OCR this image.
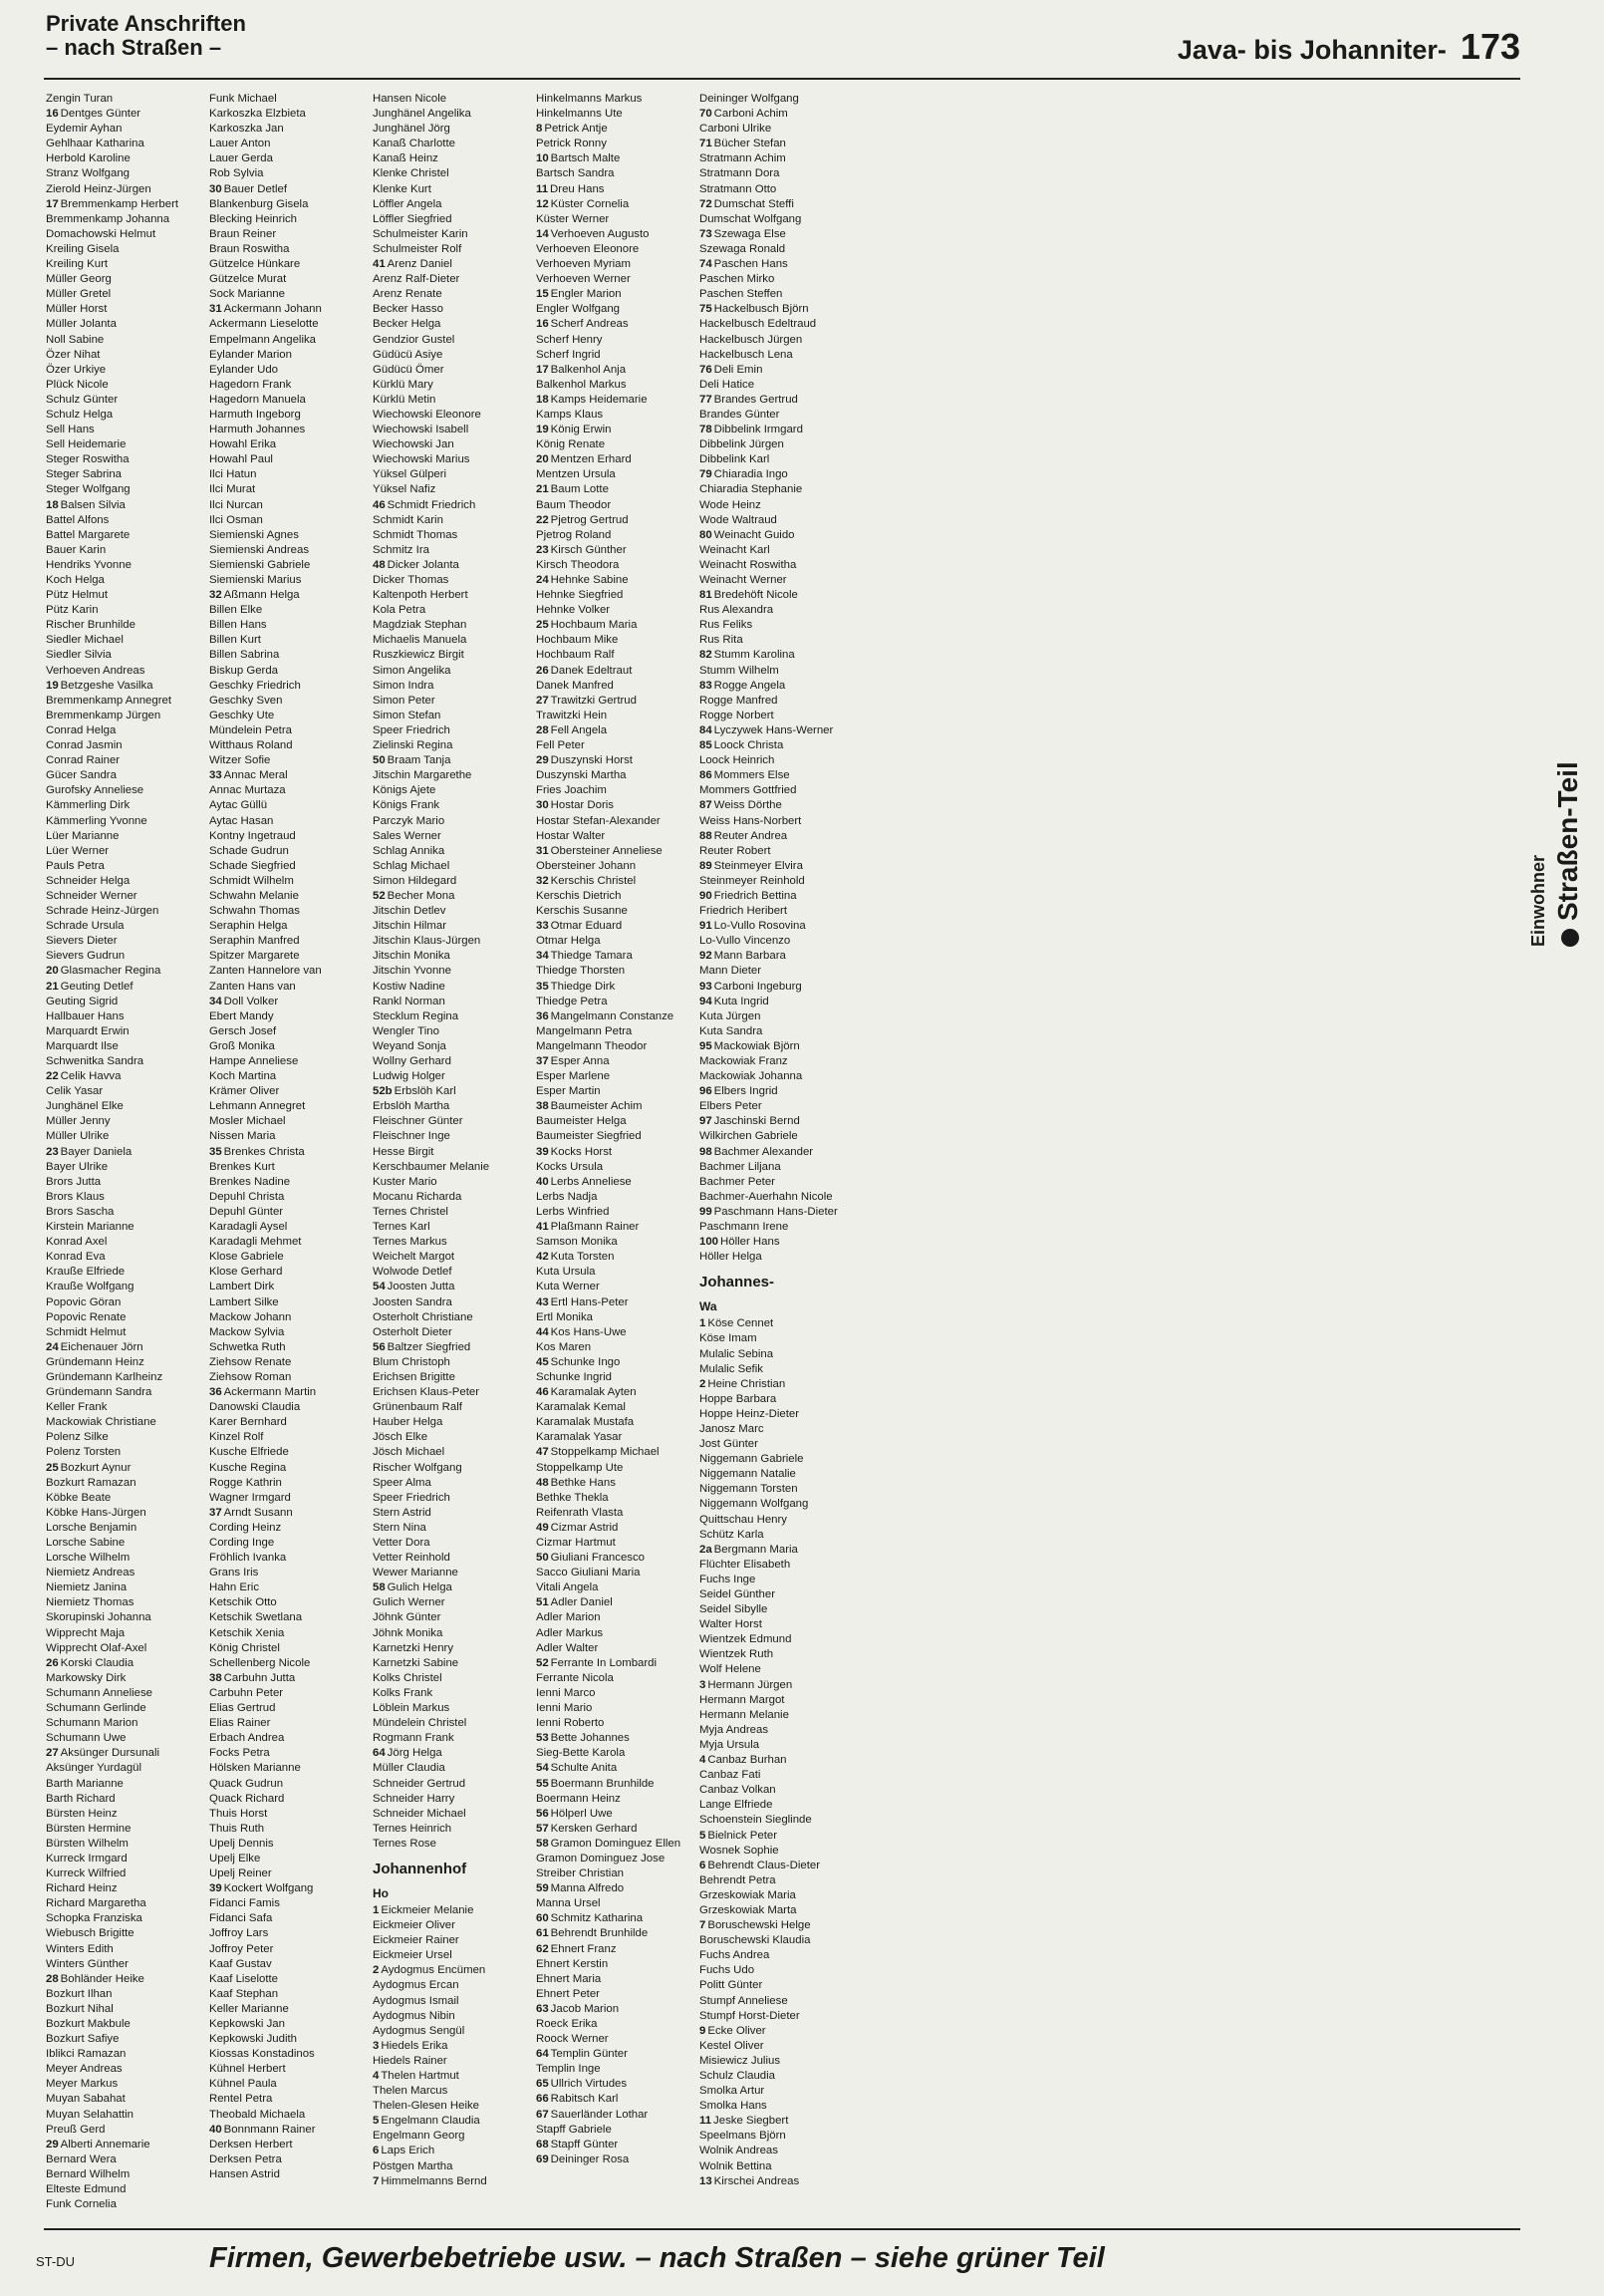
Private Anschriften
– nach Straßen –	Java- bis Johanniter- 173
Zengin Turan
16 Dentges Günter
Eydemir Ayhan
Gehlhaar Katharina
Herbold Karoline
Stranz Wolfgang
Zierold Heinz-Jürgen
17 Bremmenkamp Herbert
Bremmenkamp Johanna
Domachowski Helmut
Kreiling Gisela
Kreiling Kurt
Müller Georg
Müller Gretel
Müller Horst
Müller Jolanta
Noll Sabine
Özer Nihat
Özer Urkiye
Plück Nicole
Schulz Günter
Schulz Helga
Sell Hans
Sell Heidemarie
Steger Roswitha
Steger Sabrina
Steger Wolfgang
18 Balsen Silvia
Battel Alfons
Battel Margarete
Bauer Karin
Hendriks Yvonne
Koch Helga
Pütz Helmut
Pütz Karin
Rischer Brunhilde
Siedler Michael
Siedler Silvia
Verhoeven Andreas
19 Betzgeshe Vasilka
Bremmenkamp Annegret
Bremmenkamp Jürgen
Conrad Helga
Conrad Jasmin
Conrad Rainer
Gücer Sandra
Gurofsky Anneliese
Kämmerling Dirk
Kämmerling Yvonne
Lüer Marianne
Lüer Werner
Pauls Petra
Schneider Helga
Schneider Werner
Schrade Heinz-Jürgen
Schrade Ursula
Sievers Dieter
Sievers Gudrun
20 Glasmacher Regina
21 Geuting Detlef
Geuting Sigrid
Hallbauer Hans
Marquardt Erwin
Marquardt Ilse
Schwenitka Sandra
22 Celik Havva
Celik Yasar
Junghänel Elke
Müller Jenny
Müller Ulrike
23 Bayer Daniela
Bayer Ulrike
Brors Jutta
Brors Klaus
Brors Sascha
Kirstein Marianne
Konrad Axel
Konrad Eva
Krauße Elfriede
Krauße Wolfgang
Popovic Göran
Popovic Renate
Schmidt Helmut
24 Eichenauer Jörn
Gründemann Heinz
Gründemann Karlheinz
Gründemann Sandra
Keller Frank
Mackowiak Christiane
Polenz Silke
Polenz Torsten
25 Bozkurt Aynur
Bozkurt Ramazan
Köbke Beate
Köbke Hans-Jürgen
Lorsche Benjamin
Lorsche Sabine
Lorsche Wilhelm
Niemietz Andreas
Niemietz Janina
Niemietz Thomas
Skorupinski Johanna
Wipprecht Maja
Wipprecht Olaf-Axel
26 Korski Claudia
Markowsky Dirk
Schumann Anneliese
Schumann Gerlinde
Schumann Marion
Schumann Uwe
27 Aksünger Dursunali
Aksünger Yurdagül
Barth Marianne
Barth Richard
Bürsten Heinz
Bürsten Hermine
Bürsten Wilhelm
Kurreck Irmgard
Kurreck Wilfried
Richard Heinz
Richard Margaretha
Schopka Franziska
Wiebusch Brigitte
Winters Edith
Winters Günther
28 Bohländer Heike
Bozkurt Ilhan
Bozkurt Nihal
Bozkurt Makbule
Bozkurt Safiye
Iblikci Ramazan
Meyer Andreas
Meyer Markus
Muyan Sabahat
Muyan Selahattin
Preuß Gerd
29 Alberti Annemarie
Bernard Wera
Bernard Wilhelm
Elteste Edmund
Funk Cornelia
Funk Michael
Karkoszka Elzbieta
Karkoszka Jan
Lauer Anton
Lauer Gerda
Rob Sylvia
30 Bauer Detlef
Blankenburg Gisela
Blecking Heinrich
Braun Reiner
Braun Roswitha
Gützelce Hünkare
Gützelce Murat
Sock Marianne
31 Ackermann Johann
Ackermann Lieselotte
Empelmann Angelika
Eylander Marion
Eylander Udo
Hagedorn Frank
Hagedorn Manuela
Harmuth Ingeborg
Harmuth Johannes
Howahl Erika
Howahl Paul
Ilci Hatun
Ilci Murat
Ilci Nurcan
Ilci Osman
Siemienski Agnes
Siemienski Andreas
Siemienski Gabriele
Siemienski Marius
32 Aßmann Helga
Billen Elke
Billen Hans
Billen Kurt
Billen Sabrina
Biskup Gerda
Geschky Friedrich
Geschky Sven
Geschky Ute
Mündelein Petra
Witthaus Roland
Witzer Sofie
33 Annac Meral
Annac Murtaza
Aytac Güllü
Aytac Hasan
Kontny Ingetraud
Schade Gudrun
Schade Siegfried
Schmidt Wilhelm
Schwahn Melanie
Schwahn Thomas
Seraphin Helga
Seraphin Manfred
Spitzer Margarete
Zanten Hannelore van
Zanten Hans van
34 Doll Volker
Ebert Mandy
Gersch Josef
Groß Monika
Hampe Anneliese
Koch Martina
Krämer Oliver
Lehmann Annegret
Mosler Michael
Nissen Maria
35 Brenkes Christa
Brenkes Kurt
Brenkes Nadine
Depuhl Christa
Depuhl Günter
Karadagli Aysel
Karadagli Mehmet
Klose Gabriele
Klose Gerhard
Lambert Dirk
Lambert Silke
Mackow Johann
Mackow Sylvia
Schwetka Ruth
Ziehsow Renate
Ziehsow Roman
36 Ackermann Martin
Danowski Claudia
Karer Bernhard
Kinzel Rolf
Kusche Elfriede
Kusche Regina
Rogge Kathrin
Wagner Irmgard
37 Arndt Susann
Cording Heinz
Cording Inge
Fröhlich Ivanka
Grans Iris
Hahn Eric
Ketschik Otto
Ketschik Swetlana
Ketschik Xenia
König Christel
Schellenberg Nicole
38 Carbuhn Jutta
Carbuhn Peter
Elias Gertrud
Elias Rainer
Erbach Andrea
Focks Petra
Hölsken Marianne
Quack Gudrun
Quack Richard
Thuis Horst
Thuis Ruth
Upelj Dennis
Upelj Elke
Upelj Reiner
39 Kockert Wolfgang
Fidanci Famis
Fidanci Safa
Joffroy Lars
Joffroy Peter
Kaaf Gustav
Kaaf Liselotte
Kaaf Stephan
Keller Marianne
Kepkowski Jan
Kepkowski Judith
Kiossas Konstadinos
Kühnel Herbert
Kühnel Paula
Rentel Petra
Theobald Michaela
40 Bonnmann Rainer
Derksen Herbert
Derksen Petra
Hansen Astrid
Hansen Nicole
Junghänel Angelika
Junghänel Jörg
Kanaß Charlotte
Kanaß Heinz
Klenke Christel
Klenke Kurt
Löffler Angela
Löffler Siegfried
Schulmeister Karin
Schulmeister Rolf
41 Arenz Daniel
Arenz Ralf-Dieter
Arenz Renate
Becker Hasso
Becker Helga
Gendzior Gustel
Güdücü Asiye
Güdücü Ömer
Kürklü Mary
Kürklü Metin
Wiechowski Eleonore
Wiechowski Isabell
Wiechowski Jan
Wiechowski Marius
Yüksel Gülperi
Yüksel Nafiz
46 Schmidt Friedrich
Schmidt Karin
Schmidt Thomas
Schmitz Ira
48 Dicker Jolanta
Dicker Thomas
Kaltenpoth Herbert
Kola Petra
Magdziak Stephan
Michaelis Manuela
Ruszkiewicz Birgit
Simon Angelika
Simon Indra
Simon Peter
Simon Stefan
Speer Friedrich
Zielinski Regina
50 Braam Tanja
Jitschin Margarethe
Königs Ajete
Königs Frank
Parczyk Mario
Sales Werner
Schlag Annika
Schlag Michael
Simon Hildegard
52 Becher Mona
Jitschin Detlev
Jitschin Hilmar
Jitschin Klaus-Jürgen
Jitschin Monika
Jitschin Yvonne
Kostiw Nadine
Rankl Norman
Stecklum Regina
Wengler Tino
Weyand Sonja
Wollny Gerhard
Ludwig Holger
52b Erbslöh Karl
Erbslöh Martha
Fleischner Günter
Fleischner Inge
Hesse Birgit
Kerschbaumer Melanie
Kuster Mario
Mocanu Richarda
Ternes Christel
Ternes Karl
Ternes Markus
Weichelt Margot
Wolwode Detlef
54 Joosten Jutta
Joosten Sandra
Osterholt Christiane
Osterholt Dieter
56 Baltzer Siegfried
Blum Christoph
Erichsen Brigitte
Erichsen Klaus-Peter
Grünenbaum Ralf
Hauber Helga
Jösch Elke
Jösch Michael
Rischer Wolfgang
Speer Alma
Speer Friedrich
Stern Astrid
Stern Nina
Vetter Dora
Vetter Reinhold
Wewer Marianne
58 Gulich Helga
Gulich Werner
Jöhnk Günter
Jöhnk Monika
Karnetzki Henry
Karnetzki Sabine
Kolks Christel
Kolks Frank
Löblein Markus
Mündelein Christel
Rogmann Frank
64 Jörg Helga
Müller Claudia
Schneider Gertrud
Schneider Harry
Schneider Michael
Ternes Heinrich
Ternes Rose
Johannenhof
Ho
1 Eickmeier Melanie
Eickmeier Oliver
Eickmeier Rainer
Eickmeier Ursel
2 Aydogmus Encümen
Aydogmus Ercan
Aydogmus Ismail
Aydogmus Nibin
Aydogmus Sengül
3 Hiedels Erika
Hiedels Rainer
4 Thelen Hartmut
Thelen Marcus
Thelen-Glesen Heike
5 Engelmann Claudia
Engelmann Georg
6 Laps Erich
Pöstgen Martha
7 Himmelmanns Bernd
Hinkelmanns Markus
Hinkelmanns Ute
8 Petrick Antje
Petrick Ronny
10 Bartsch Malte
Bartsch Sandra
11 Dreu Hans
12 Küster Cornelia
Küster Werner
14 Verhoeven Augusto
Verhoeven Eleonore
Verhoeven Myriam
Verhoeven Werner
15 Engler Marion
Engler Wolfgang
16 Scherf Andreas
Scherf Henry
Scherf Ingrid
17 Balkenhol Anja
Balkenhol Markus
18 Kamps Heidemarie
Kamps Klaus
19 König Erwin
König Renate
20 Mentzen Erhard
Mentzen Ursula
21 Baum Lotte
Baum Theodor
22 Pjetrog Gertrud
Pjetrog Roland
23 Kirsch Günther
Kirsch Theodora
24 Hehnke Sabine
Hehnke Siegfried
Hehnke Volker
25 Hochbaum Maria
Hochbaum Mike
Hochbaum Ralf
26 Danek Edeltraut
Danek Manfred
27 Trawitzki Gertrud
Trawitzki Hein
28 Fell Angela
Fell Peter
29 Duszynski Horst
Duszynski Martha
Fries Joachim
30 Hostar Doris
Hostar Stefan-Alexander
Hostar Walter
31 Obersteiner Anneliese
Obersteiner Johann
32 Kerschis Christel
Kerschis Dietrich
Kerschis Susanne
33 Otmar Eduard
Otmar Helga
34 Thiedge Tamara
Thiedge Thorsten
35 Thiedge Dirk
Thiedge Petra
36 Mangelmann Constanze
Mangelmann Petra
Mangelmann Theodor
37 Esper Anna
Esper Marlene
Esper Martin
38 Baumeister Achim
Baumeister Helga
Baumeister Siegfried
39 Kocks Horst
Kocks Ursula
40 Lerbs Anneliese
Lerbs Nadja
Lerbs Winfried
41 Plaßmann Rainer
Samson Monika
42 Kuta Torsten
Kuta Ursula
Kuta Werner
43 Ertl Hans-Peter
Ertl Monika
44 Kos Hans-Uwe
Kos Maren
45 Schunke Ingo
Schunke Ingrid
46 Karamalak Ayten
Karamalak Kemal
Karamalak Mustafa
Karamalak Yasar
47 Stoppelkamp Michael
Stoppelkamp Ute
48 Bethke Hans
Bethke Thekla
Reifenrath Vlasta
49 Cizmar Astrid
Cizmar Hartmut
50 Giuliani Francesco
Sacco Giuliani Maria
Vitali Angela
51 Adler Daniel
Adler Marion
Adler Markus
Adler Walter
52 Ferrante In Lombardi
Ferrante Nicola
Ienni Marco
Ienni Mario
Ienni Roberto
53 Bette Johannes
Sieg-Bette Karola
54 Schulte Anita
55 Boermann Brunhilde
Boermann Heinz
56 Hölperl Uwe
57 Kersken Gerhard
58 Gramon Dominguez Ellen
Gramon Dominguez Jose
Streiber Christian
59 Manna Alfredo
Manna Ursel
60 Schmitz Katharina
61 Behrendt Brunhilde
62 Ehnert Franz
Ehnert Kerstin
Ehnert Maria
Ehnert Peter
63 Jacob Marion
Roeck Erika
Roock Werner
64 Templin Günter
Templin Inge
65 Ullrich Virtudes
66 Rabitsch Karl
67 Sauerländer Lothar
Stapff Gabriele
68 Stapff Günter
69 Deininger Rosa
Deininger Wolfgang
70 Carboni Achim
Carboni Ulrike
71 Bücher Stefan
Stratmann Achim
Stratmann Dora
Stratmann Otto
72 Dumschat Steffi
Dumschat Wolfgang
73 Szewaga Else
Szewaga Ronald
74 Paschen Hans
Paschen Mirko
Paschen Steffen
75 Hackelbusch Björn
Hackelbusch Edeltraud
Hackelbusch Jürgen
Hackelbusch Lena
76 Deli Emin
Deli Hatice
77 Brandes Gertrud
Brandes Günter
78 Dibbelink Irmgard
Dibbelink Jürgen
Dibbelink Karl
79 Chiaradia Ingo
Chiaradia Stephanie
Wode Heinz
Wode Waltraud
80 Weinacht Guido
Weinacht Karl
Weinacht Roswitha
Weinacht Werner
81 Bredehöft Nicole
Rus Alexandra
Rus Feliks
Rus Rita
82 Stumm Karolina
Stumm Wilhelm
83 Rogge Angela
Rogge Manfred
Rogge Norbert
84 Lyczywek Hans-Werner
85 Loock Christa
Loock Heinrich
86 Mommers Else
Mommers Gottfried
87 Weiss Dörthe
Weiss Hans-Norbert
88 Reuter Andrea
Reuter Robert
89 Steinmeyer Elvira
Steinmeyer Reinhold
90 Friedrich Bettina
Friedrich Heribert
91 Lo-Vullo Rosovina
Lo-Vullo Vincenzo
92 Mann Barbara
Mann Dieter
93 Carboni Ingeburg
94 Kuta Ingrid
Kuta Jürgen
Kuta Sandra
95 Mackowiak Björn
Mackowiak Franz
Mackowiak Johanna
96 Elbers Ingrid
Elbers Peter
97 Jaschinski Bernd
Wilkirchen Gabriele
98 Bachmer Alexander
Bachmer Liljana
Bachmer Peter
Bachmer-Auerhahn Nicole
99 Paschmann Hans-Dieter
Paschmann Irene
100 Höller Hans
Höller Helga
Johannes-
Wa
1 Köse Cennet
Köse Imam
Mulalic Sebina
Mulalic Sefik
2 Heine Christian
Hoppe Barbara
Hoppe Heinz-Dieter
Janosz Marc
Jost Günter
Niggemann Gabriele
Niggemann Natalie
Niggemann Torsten
Niggemann Wolfgang
Quittschau Henry
Schütz Karla
2a Bergmann Maria
Flüchter Elisabeth
Fuchs Inge
Seidel Günther
Seidel Sibylle
Walter Horst
Wientzek Edmund
Wientzek Ruth
Wolf Helene
3 Hermann Jürgen
Hermann Margot
Hermann Melanie
Myja Andreas
Myja Ursula
4 Canbaz Burhan
Canbaz Fati
Canbaz Volkan
Lange Elfriede
Schoenstein Sieglinde
5 Bielnick Peter
Wosnek Sophie
6 Behrendt Claus-Dieter
Behrendt Petra
Grzeskowiak Maria
Grzeskowiak Marta
7 Boruschewski Helge
Boruschewski Klaudia
Fuchs Andrea
Fuchs Udo
Politt Günter
Stumpf Anneliese
Stumpf Horst-Dieter
9 Ecke Oliver
Kestel Oliver
Misiewicz Julius
Schulz Claudia
Smolka Artur
Smolka Hans
11 Jeske Siegbert
Speelmans Björn
Wolnik Andreas
Wolnik Bettina
13 Kirschei Andreas
Einwohner Straßen-Teil
ST-DU	Firmen, Gewerbebetriebe usw. – nach Straßen – siehe grüner Teil
